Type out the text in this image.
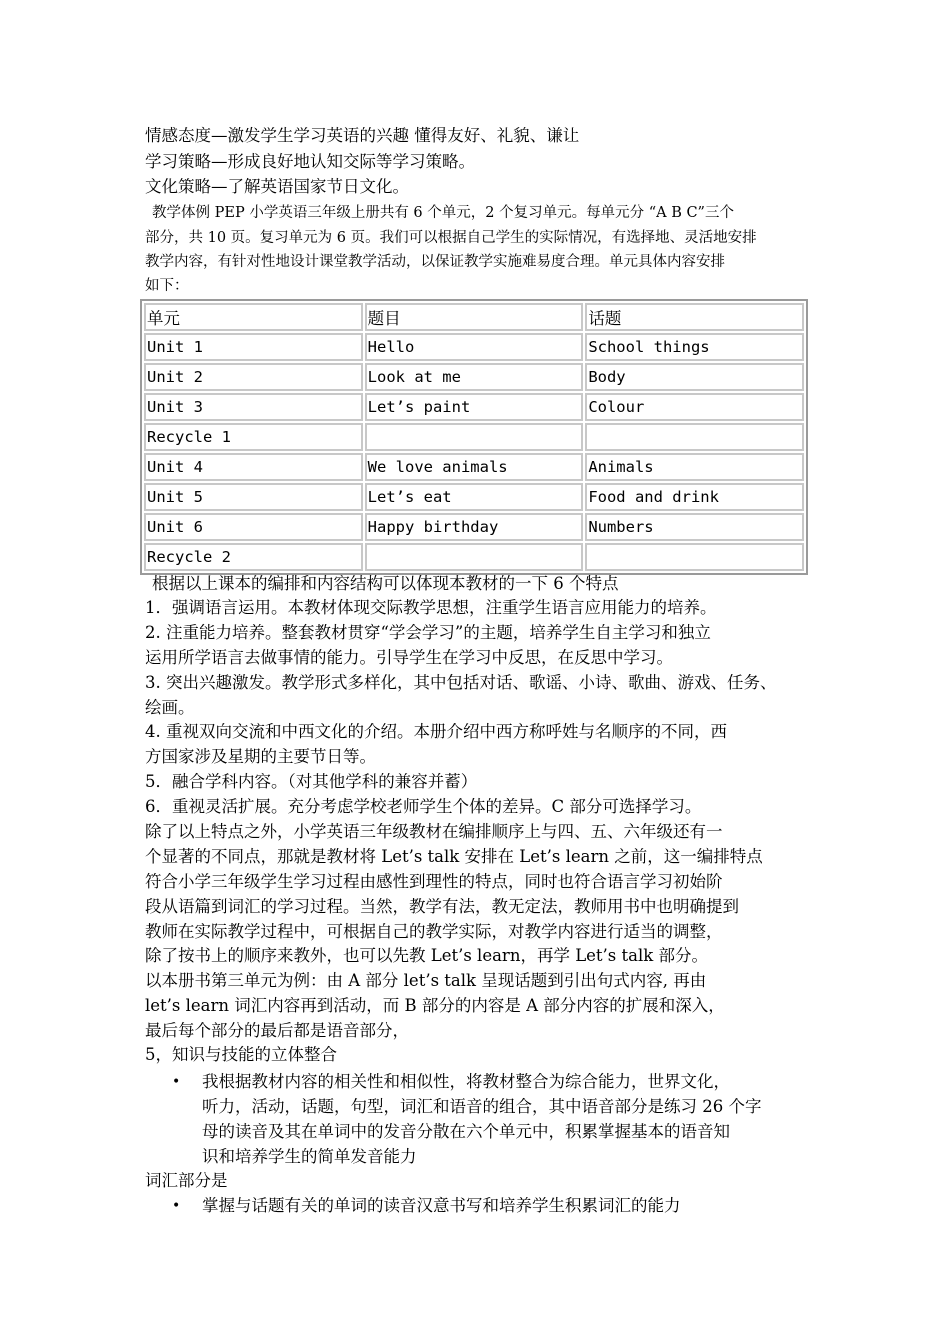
情感态度—激发学生学习英语的兴趣 懂得友好、礼貌、谦让
学习策略—形成良好地认知交际等学习策略。
文化策略—了解英语国家节日文化。
教学体例 PEP 小学英语三年级上册共有 6 个单元，2 个复习单元。每单元分 “A B C”三个
部分，共 10 页。复习单元为 6 页。我们可以根据自己学生的实际情况，有选择地、灵活地安排
教学内容，有针对性地设计课堂教学活动，以保证教学实施难易度合理。单元具体内容安排
如下：
单元	题目	话题
Unit 1	Hello	School things
Unit 2	Look at me	Body
Unit 3	Let’s paint	Colour
Recycle 1		
Unit 4	We love animals	Animals
Unit 5	Let’s eat	Food and drink
Unit 6	Happy birthday	Numbers
Recycle 2		
根据以上课本的编排和内容结构可以体现本教材的一下 6 个特点
1．强调语言运用。本教材体现交际教学思想，注重学生语言应用能力的培养。
2. 注重能力培养。整套教材贯穿“学会学习”的主题，培养学生自主学习和独立
运用所学语言去做事情的能力。引导学生在学习中反思，在反思中学习。
3. 突出兴趣激发。教学形式多样化，其中包括对话、歌谣、小诗、歌曲、游戏、任务、
绘画。
4. 重视双向交流和中西文化的介绍。本册介绍中西方称呼姓与名顺序的不同，西
方国家涉及星期的主要节日等。
5．融合学科内容。（对其他学科的兼容并蓄）
6．重视灵活扩展。充分考虑学校老师学生个体的差异。C 部分可选择学习。
除了以上特点之外，小学英语三年级教材在编排顺序上与四、五、六年级还有一
个显著的不同点，那就是教材将 Let’s talk 安排在 Let’s learn 之前，这一编排特点
符合小学三年级学生学习过程由感性到理性的特点，同时也符合语言学习初始阶
段从语篇到词汇的学习过程。当然，教学有法，教无定法，教师用书中也明确提到
教师在实际教学过程中，可根据自己的教学实际，对教学内容进行适当的调整，
除了按书上的顺序来教外，也可以先教 Let’s learn，再学 Let’s talk 部分。
以本册书第三单元为例：由 A 部分 let’s talk 呈现话题到引出句式内容, 再由
let’s learn 词汇内容再到活动，而 B 部分的内容是 A 部分内容的扩展和深入，
最后每个部分的最后都是语音部分，
5，知识与技能的立体整合
• 我根据教材内容的相关性和相似性，将教材整合为综合能力，世界文化，
听力，活动，话题，句型，词汇和语音的组合，其中语音部分是练习 26 个字
母的读音及其在单词中的发音分散在六个单元中，积累掌握基本的语音知
识和培养学生的简单发音能力
词汇部分是
• 掌握与话题有关的单词的读音汉意书写和培养学生积累词汇的能力
